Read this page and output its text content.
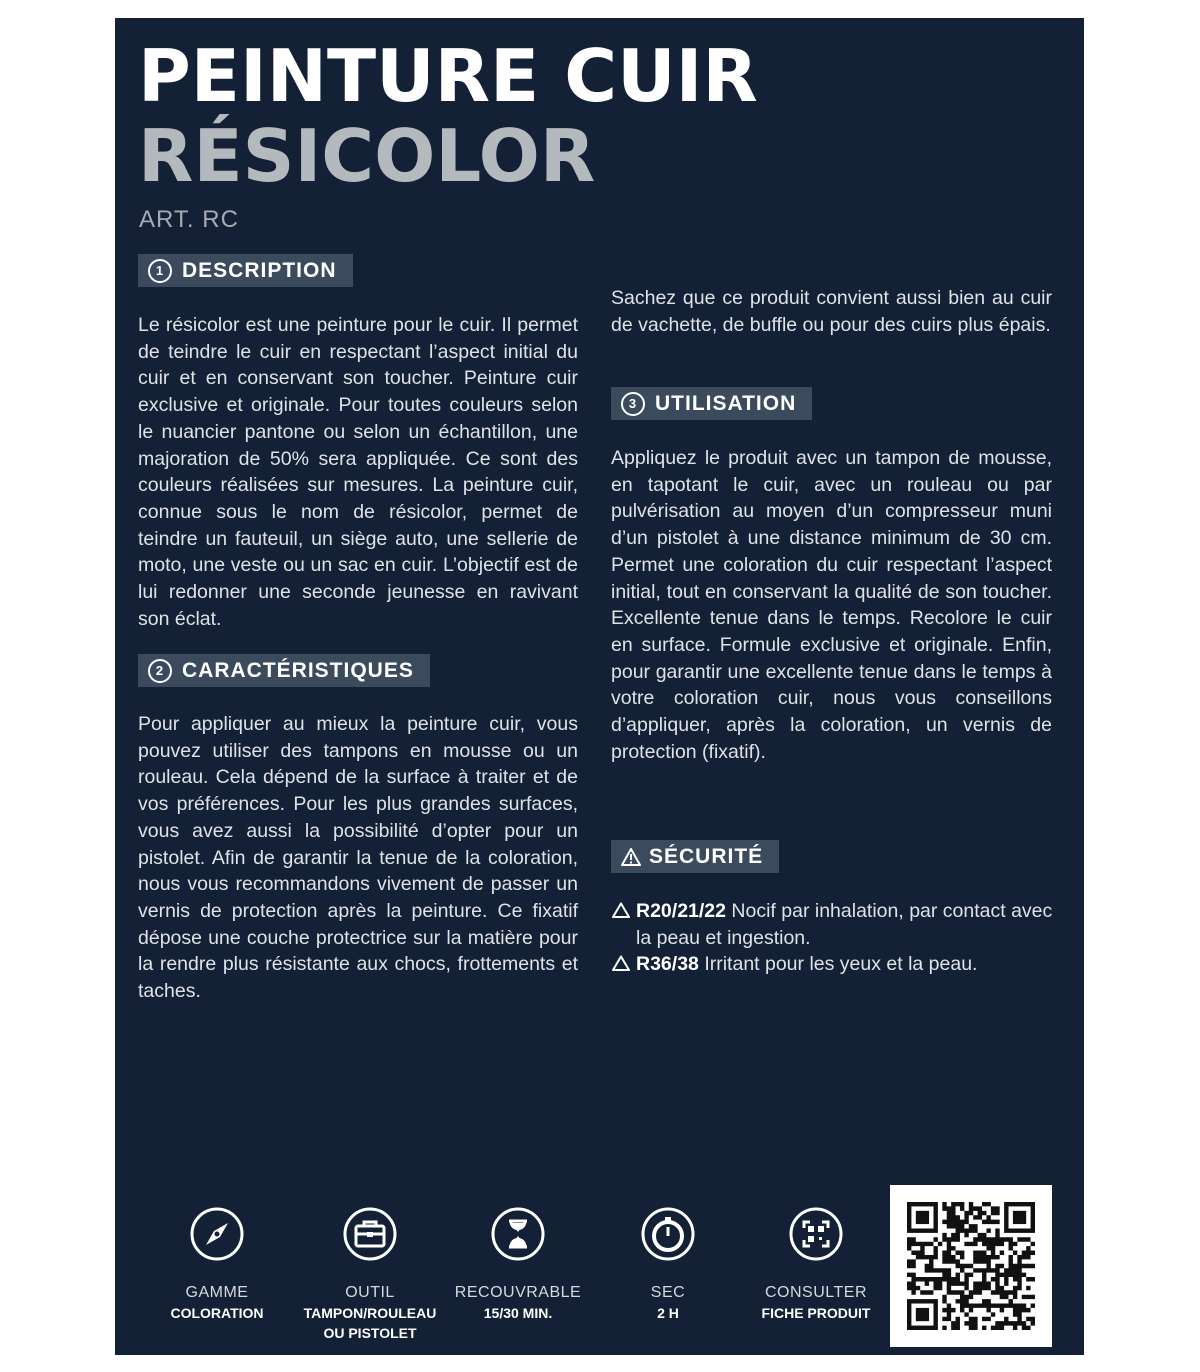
PEINTURE CUIR
RÉSICOLOR
ART. RC
1 DESCRIPTION

Le résicolor est une peinture pour le cuir. Il permet de teindre le cuir en respectant l’aspect initial du cuir et en conservant son toucher. Peinture cuir exclusive et originale. Pour toutes couleurs selon le nuancier pantone ou selon un échantillon, une majoration de 50% sera appliquée. Ce sont des couleurs réalisées sur mesures. La peinture cuir, connue sous le nom de résicolor, permet de teindre un fauteuil, un siège auto, une sellerie de moto, une veste ou un sac en cuir. L’objectif est de lui redonner une seconde jeunesse en ravivant son éclat.

2 CARACTÉRISTIQUES

Pour appliquer au mieux la peinture cuir, vous pouvez utiliser des tampons en mousse ou un rouleau. Cela dépend de la surface à traiter et de vos préférences. Pour les plus grandes surfaces, vous avez aussi la possibilité d’opter pour un pistolet. Afin de garantir la tenue de la coloration, nous vous recommandons vivement de passer un vernis de protection après la peinture. Ce fixatif dépose une couche protectrice sur la matière pour la rendre plus résistante aux chocs, frottements et taches.

Sachez que ce produit convient aussi bien au cuir de vachette, de buffle ou pour des cuirs plus épais.

3 UTILISATION

Appliquez le produit avec un tampon de mousse, en tapotant le cuir, avec un rouleau ou par pulvérisation au moyen d’un compresseur muni d’un pistolet à une distance minimum de 30 cm. Permet une coloration du cuir respectant l’aspect initial, tout en conservant la qualité de son toucher. Excellente tenue dans le temps. Recolore le cuir en surface. Formule exclusive et originale. Enfin, pour garantir une excellente tenue dans le temps à votre coloration cuir, nous vous conseillons d’appliquer, après la coloration, un vernis de protection (fixatif).

SÉCURITÉ
R20/21/22 Nocif par inhalation, par contact avec la peau et ingestion.
R36/38 Irritant pour les yeux et la peau.
GAMME
COLORATION
OUTIL
TAMPON/ROULEAU OU PISTOLET
RECOUVRABLE
15/30 MIN.
SEC
2 H
CONSULTER
FICHE PRODUIT
